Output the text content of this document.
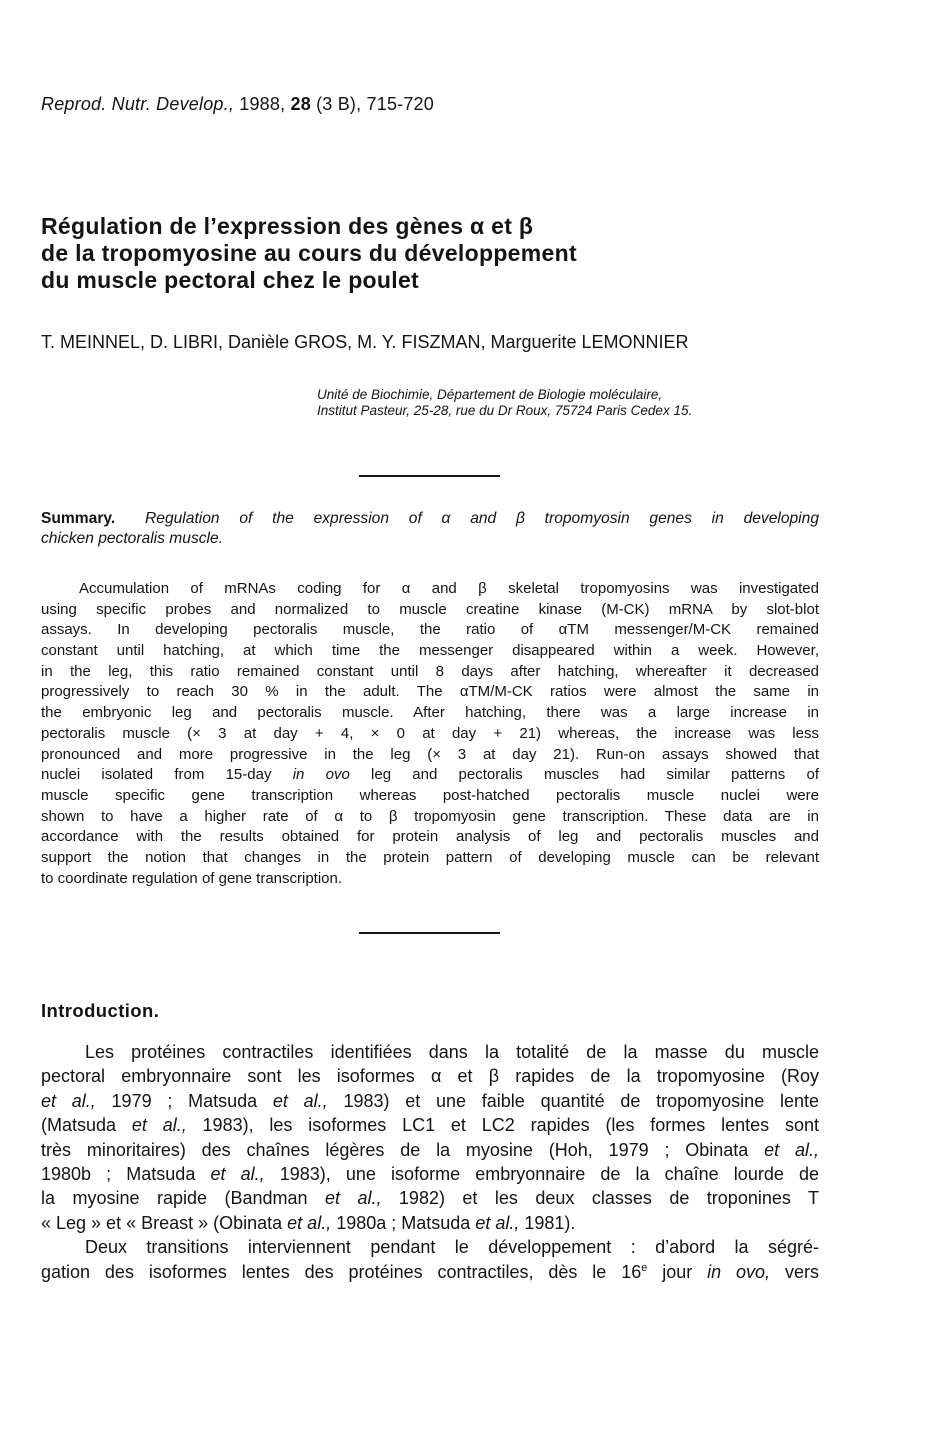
Reprod. Nutr. Develop., 1988, 28 (3 B), 715-720
Régulation de l’expression des gènes α et β
de la tropomyosine au cours du développement
du muscle pectoral chez le poulet
T. MEINNEL, D. LIBRI, Danièle GROS, M. Y. FISZMAN, Marguerite LEMONNIER
Unité de Biochimie, Département de Biologie moléculaire,
Institut Pasteur, 25-28, rue du Dr Roux, 75724 Paris Cedex 15.
Summary. Regulation of the expression of α and β tropomyosin genes in developing
chicken pectoralis muscle.
Accumulation of mRNAs coding for α and β skeletal tropomyosins was investigated
using specific probes and normalized to muscle creatine kinase (M-CK) mRNA by slot-blot
assays. In developing pectoralis muscle, the ratio of αTM messenger/M-CK remained
constant until hatching, at which time the messenger disappeared within a week. However,
in the leg, this ratio remained constant until 8 days after hatching, whereafter it decreased
progressively to reach 30 % in the adult. The αTM/M-CK ratios were almost the same in
the embryonic leg and pectoralis muscle. After hatching, there was a large increase in
pectoralis muscle (× 3 at day + 4, × 0 at day + 21) whereas, the increase was less
pronounced and more progressive in the leg (× 3 at day 21). Run-on assays showed that
nuclei isolated from 15-day in ovo leg and pectoralis muscles had similar patterns of
muscle specific gene transcription whereas post-hatched pectoralis muscle nuclei were
shown to have a higher rate of α to β tropomyosin gene transcription. These data are in
accordance with the results obtained for protein analysis of leg and pectoralis muscles and
support the notion that changes in the protein pattern of developing muscle can be relevant
to coordinate regulation of gene transcription.
Introduction.
Les protéines contractiles identifiées dans la totalité de la masse du muscle
pectoral embryonnaire sont les isoformes α et β rapides de la tropomyosine (Roy
et al., 1979 ; Matsuda et al., 1983) et une faible quantité de tropomyosine lente
(Matsuda et al., 1983), les isoformes LC1 et LC2 rapides (les formes lentes sont
très minoritaires) des chaînes légères de la myosine (Hoh, 1979 ; Obinata et al.,
1980b ; Matsuda et al., 1983), une isoforme embryonnaire de la chaîne lourde de
la myosine rapide (Bandman et al., 1982) et les deux classes de troponines T
« Leg » et « Breast » (Obinata et al., 1980a ; Matsuda et al., 1981).
Deux transitions interviennent pendant le développement : d’abord la ségré-
gation des isoformes lentes des protéines contractiles, dès le 16e jour in ovo, vers
